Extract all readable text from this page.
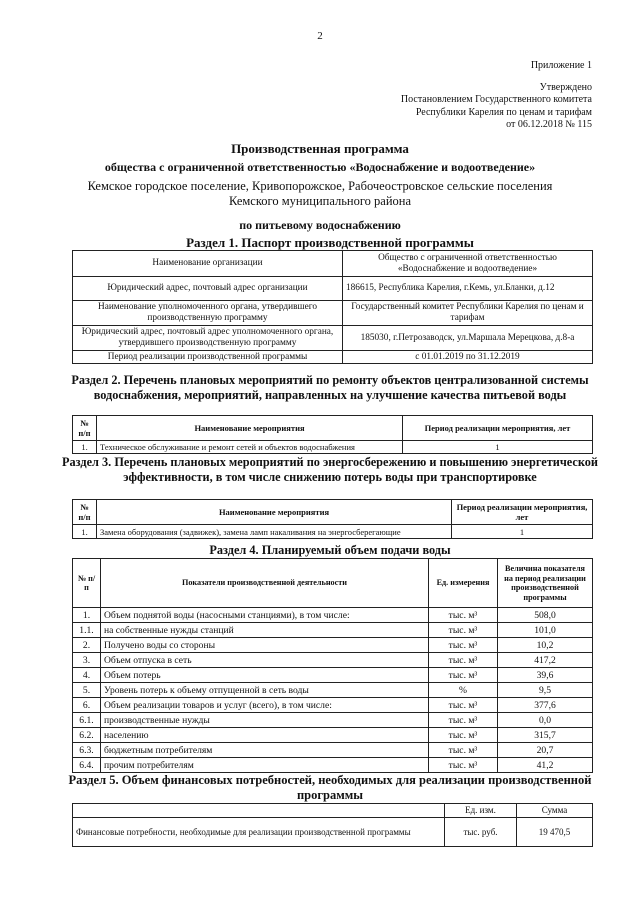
2
Приложение 1
Утверждено
Постановлением Государственного комитета
Республики Карелия по ценам и тарифам
от 06.12.2018 № 115
Производственная программа
общества с ограниченной ответственностью «Водоснабжение и водоотведение»
Кемское городское поселение, Кривопорожское, Рабочеостровское сельские поселения
Кемского муниципального района
по питьевому водоснабжению
Раздел 1. Паспорт производственной программы
Наименование организации	Общество с ограниченной ответственностью «Водоснабжение и водоотведение»
Юридический адрес, почтовый адрес организации	186615, Республика Карелия, г.Кемь, ул.Бланки, д.12
Наименование уполномоченного органа, утвердившего производственную программу	Государственный комитет Республики Карелия по ценам и тарифам
Юридический адрес, почтовый адрес уполномоченного органа, утвердившего производственную программу	185030, г.Петрозаводск, ул.Маршала Мерецкова, д.8-а
Период реализации производственной программы	с 01.01.2019 по 31.12.2019
Раздел 2. Перечень плановых мероприятий по ремонту объектов централизованной системы водоснабжения, мероприятий, направленных на улучшение качества питьевой воды
№ п/п	Наименование мероприятия	Период реализации мероприятия, лет
1.	Техническое обслуживание и ремонт сетей и объектов водоснабжения	1
Раздел 3. Перечень плановых мероприятий по энергосбережению и повышению энергетической эффективности, в том числе снижению потерь воды при транспортировке
№ п/п	Наименование мероприятия	Период реализации мероприятия, лет
1.	Замена оборудования (задвижек), замена ламп накаливания на энергосберегающие	1
Раздел 4. Планируемый объем подачи воды
№ п/п	Показатели производственной деятельности	Ед. измерения	Величина показателя на период реализации производственной программы
1.	Объем поднятой воды (насосными станциями), в том числе:	тыс. м³	508,0
1.1.	на собственные нужды станций	тыс. м³	101,0
2.	Получено воды со стороны	тыс. м³	10,2
3.	Объем отпуска в сеть	тыс. м³	417,2
4.	Объем потерь	тыс. м³	39,6
5.	Уровень потерь к объему отпущенной в сеть воды	%	9,5
6.	Объем реализации товаров и услуг (всего), в том числе:	тыс. м³	377,6
6.1.	производственные нужды	тыс. м³	0,0
6.2.	населению	тыс. м³	315,7
6.3.	бюджетным потребителям	тыс. м³	20,7
6.4.	прочим потребителям	тыс. м³	41,2
Раздел 5. Объем финансовых потребностей, необходимых для реализации производственной программы
	Ед. изм.	Сумма
Финансовые потребности, необходимые для реализации производственной программы	тыс. руб.	19 470,5
